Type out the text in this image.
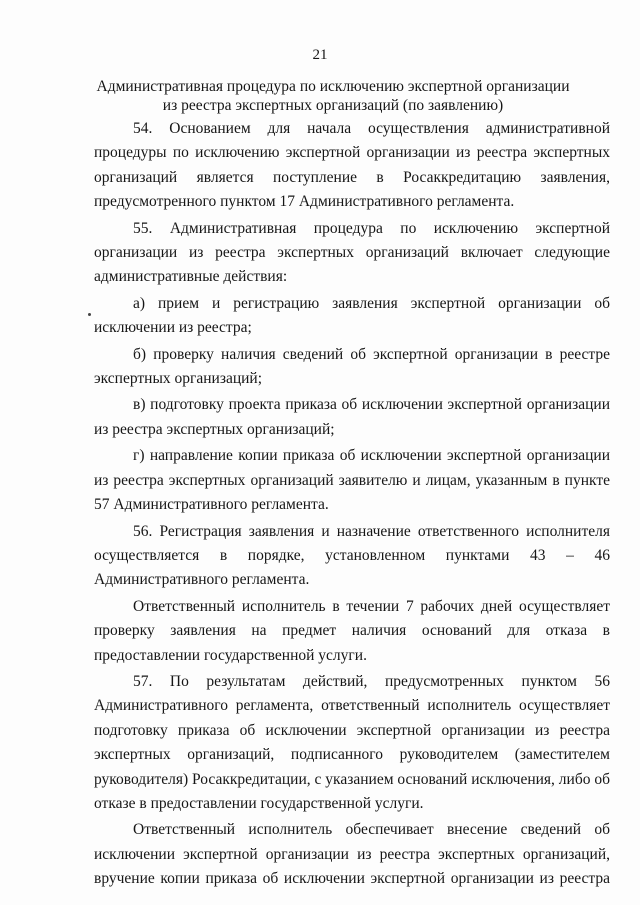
21
Административная процедура по исключению экспертной организации
из реестра экспертных организаций (по заявлению)

54. Основанием для начала осуществления административной процедуры по исключению экспертной организации из реестра экспертных организаций является поступление в Росаккредитацию заявления, предусмотренного пунктом 17 Административного регламента.

55. Административная процедура по исключению экспертной организации из реестра экспертных организаций включает следующие административные действия:

а) прием и регистрацию заявления экспертной организации об исключении из реестра;

б) проверку наличия сведений об экспертной организации в реестре экспертных организаций;

в) подготовку проекта приказа об исключении экспертной организации из реестра экспертных организаций;

г) направление копии приказа об исключении экспертной организации из реестра экспертных организаций заявителю и лицам, указанным в пункте 57 Административного регламента.

56. Регистрация заявления и назначение ответственного исполнителя осуществляется в порядке, установленном пунктами 43 – 46 Административного регламента.

Ответственный исполнитель в течении 7 рабочих дней осуществляет проверку заявления на предмет наличия оснований для отказа в предоставлении государственной услуги.

57. По результатам действий, предусмотренных пунктом 56 Административного регламента, ответственный исполнитель осуществляет подготовку приказа об исключении экспертной организации из реестра экспертных организаций, подписанного руководителем (заместителем руководителя) Росаккредитации, с указанием оснований исключения, либо об отказе в предоставлении государственной услуги.

Ответственный исполнитель обеспечивает внесение сведений об исключении экспертной организации из реестра экспертных организаций, вручение копии приказа об исключении экспертной организации из реестра
